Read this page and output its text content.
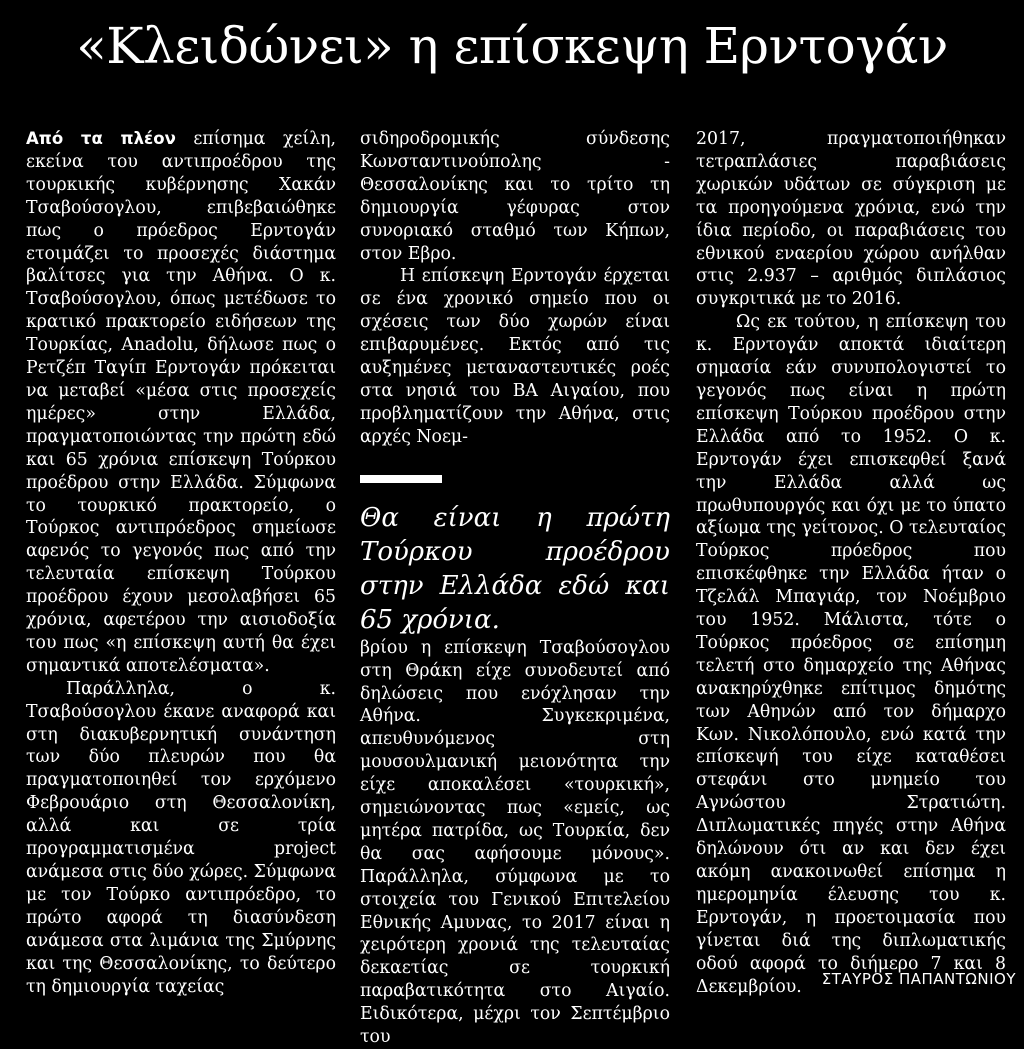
«Κλειδώνει» η επίσκεψη Ερντογάν

Από τα πλέον επίσημα χείλη, εκείνα του αντιπροέδρου της τουρκικής κυβέρνησης Χακάν Τσαβούσογλου, επιβεβαιώθηκε πως ο πρόεδρος Ερντογάν ετοιμάζει το προσεχές διάστημα βαλίτσες για την Αθήνα. Ο κ. Τσαβούσογλου, όπως μετέδωσε το κρατικό πρακτορείο ειδήσεων της Τουρκίας, Anadolu, δήλωσε πως ο Ρετζέπ Ταγίπ Ερντογάν πρόκειται να μεταβεί «μέσα στις προσεχείς ημέρες» στην Ελλάδα, πραγματοποιώντας την πρώτη εδώ και 65 χρόνια επίσκεψη Τούρκου προέδρου στην Ελλάδα. Σύμφωνα το τουρκικό πρακτορείο, ο Τούρκος αντιπρόεδρος σημείωσε αφενός το γεγονός πως από την τελευταία επίσκεψη Τούρκου προέδρου έχουν μεσολαβήσει 65 χρόνια, αφετέρου την αισιοδοξία του πως «η επίσκεψη αυτή θα έχει σημαντικά αποτελέσματα».

Παράλληλα, ο κ. Τσαβούσογλου έκανε αναφορά και στη διακυβερνητική συνάντηση των δύο πλευρών που θα πραγματοποιηθεί τον ερχόμενο Φεβρουάριο στη Θεσσαλονίκη, αλλά και σε τρία προγραμματισμένα project ανάμεσα στις δύο χώρες. Σύμφωνα με τον Τούρκο αντιπρόεδρο, το πρώτο αφορά τη διασύνδεση ανάμεσα στα λιμάνια της Σμύρνης και της Θεσσαλονίκης, το δεύτερο τη δημιουργία ταχείας

σιδηροδρομικής σύνδεσης Κωνσταντινούπολης - Θεσσαλονίκης και το τρίτο τη δημιουργία γέφυρας στον συνοριακό σταθμό των Κήπων, στον Εβρο.

Η επίσκεψη Ερντογάν έρχεται σε ένα χρονικό σημείο που οι σχέσεις των δύο χωρών είναι επιβαρυμένες. Εκτός από τις αυξημένες μεταναστευτικές ροές στα νησιά του ΒΑ Αιγαίου, που προβληματίζουν την Αθήνα, στις αρχές Νοεμ-

Θα είναι η πρώτη Τούρκου προέδρου στην Ελλάδα εδώ και 65 χρόνια.

βρίου η επίσκεψη Τσαβούσογλου στη Θράκη είχε συνοδευτεί από δηλώσεις που ενόχλησαν την Αθήνα. Συγκεκριμένα, απευθυνόμενος στη μουσουλμανική μειονότητα την είχε αποκαλέσει «τουρκική», σημειώνοντας πως «εμείς, ως μητέρα πατρίδα, ως Τουρκία, δεν θα σας αφήσουμε μόνους». Παράλληλα, σύμφωνα με το στοιχεία του Γενικού Επιτελείου Εθνικής Αμυνας, το 2017 είναι η χειρότερη χρονιά της τελευταίας δεκαετίας σε τουρκική παραβατικότητα στο Αιγαίο. Ειδικότερα, μέχρι τον Σεπτέμβριο του

2017, πραγματοποιήθηκαν τετραπλάσιες παραβιάσεις χωρικών υδάτων σε σύγκριση με τα προηγούμενα χρόνια, ενώ την ίδια περίοδο, οι παραβιάσεις του εθνικού εναερίου χώρου ανήλθαν στις 2.937 – αριθμός διπλάσιος συγκριτικά με το 2016.

Ως εκ τούτου, η επίσκεψη του κ. Ερντογάν αποκτά ιδιαίτερη σημασία εάν συνυπολογιστεί το γεγονός πως είναι η πρώτη επίσκεψη Τούρκου προέδρου στην Ελλάδα από το 1952. Ο κ. Ερντογάν έχει επισκεφθεί ξανά την Ελλάδα αλλά ως πρωθυπουργός και όχι με το ύπατο αξίωμα της γείτονος. Ο τελευταίος Τούρκος πρόεδρος που επισκέφθηκε την Ελλάδα ήταν ο Τζελάλ Μπαγιάρ, τον Νοέμβριο του 1952. Μάλιστα, τότε ο Τούρκος πρόεδρος σε επίσημη τελετή στο δημαρχείο της Αθήνας ανακηρύχθηκε επίτιμος δημότης των Αθηνών από τον δήμαρχο Κων. Νικολόπουλο, ενώ κατά την επίσκεψή του είχε καταθέσει στεφάνι στο μνημείο του Αγνώστου Στρατιώτη. Διπλωματικές πηγές στην Αθήνα δηλώνουν ότι αν και δεν έχει ακόμη ανακοινωθεί επίσημα η ημερομηνία έλευσης του κ. Ερντογάν, η προετοιμασία που γίνεται διά της διπλωματικής οδού αφορά το διήμερο 7 και 8 Δεκεμβρίου.	ΣΤΑΥΡΟΣ ΠΑΠΑΝΤΩΝΙΟΥ
